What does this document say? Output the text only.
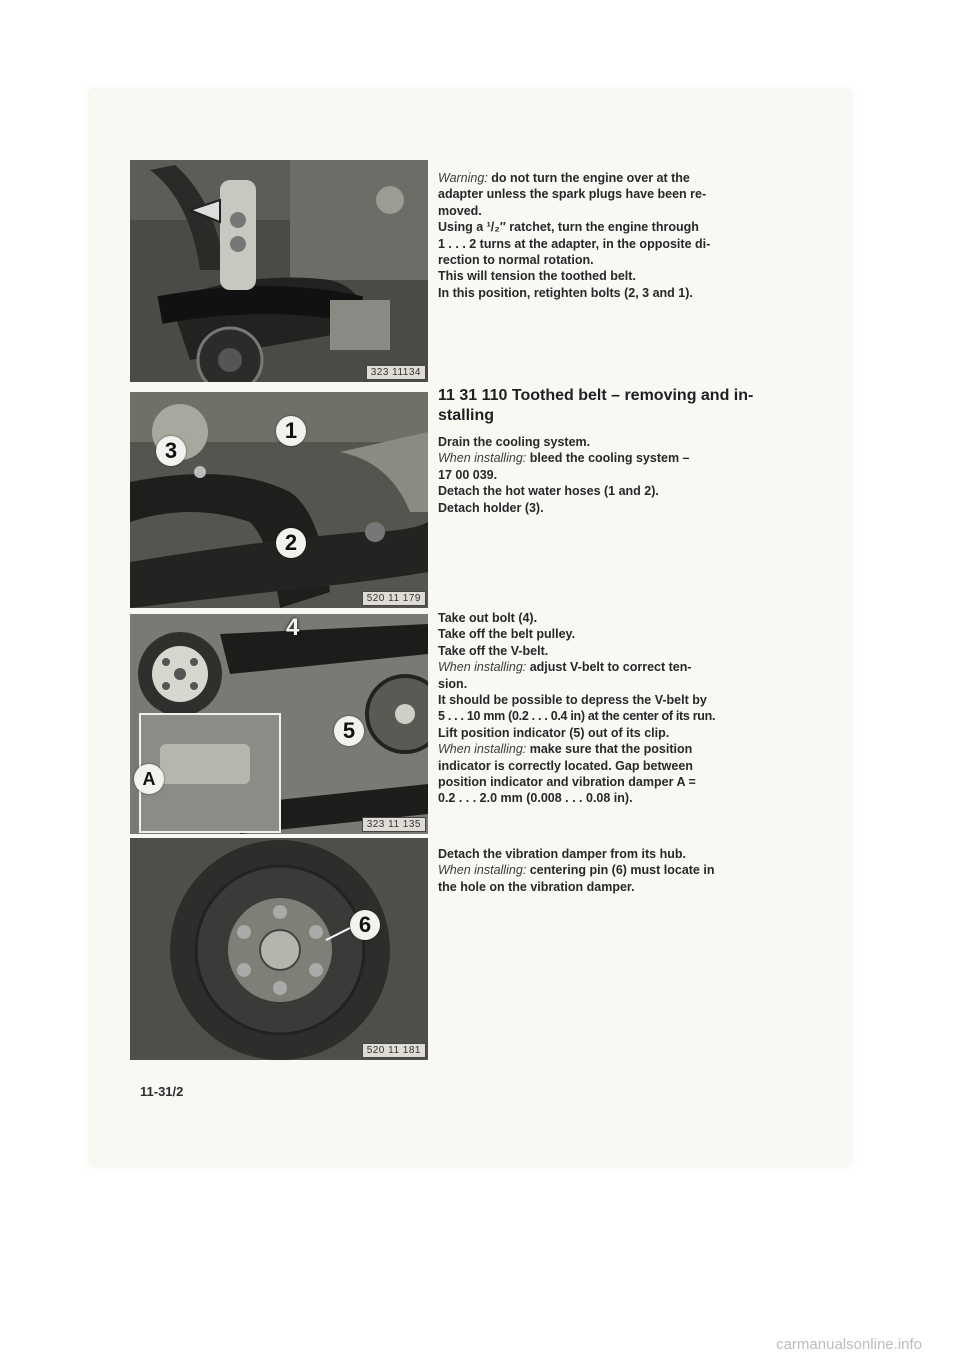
323 11134
1
2
3
520 11 179
4
5
A
323 11 135
6
520 11 181

Warning: do not turn the engine over at the

adapter unless the spark plugs have been re-

moved.

Using a ¹/₂″ ratchet, turn the engine through

1 . . . 2 turns at the adapter, in the opposite di-

rection to normal rotation.

This will tension the toothed belt.

In this position, retighten bolts (2, 3 and 1).

11 31 110 Toothed belt – removing and in-
stalling

Drain the cooling system.

When installing: bleed the cooling system –

17 00 039.

Detach the hot water hoses (1 and 2).

Detach holder (3).

Take out bolt (4).

Take off the belt pulley.

Take off the V-belt.

When installing: adjust V-belt to correct ten-

sion.

It should be possible to depress the V-belt by

5 . . . 10 mm (0.2 . . . 0.4 in) at the center of its run.

Lift position indicator (5) out of its clip.

When installing: make sure that the position

indicator is correctly located. Gap between

position indicator and vibration damper A =

0.2 . . . 2.0 mm (0.008 . . . 0.08 in).

Detach the vibration damper from its hub.

When installing: centering pin (6) must locate in

the hole on the vibration damper.

11-31/2
carmanualsonline.info
